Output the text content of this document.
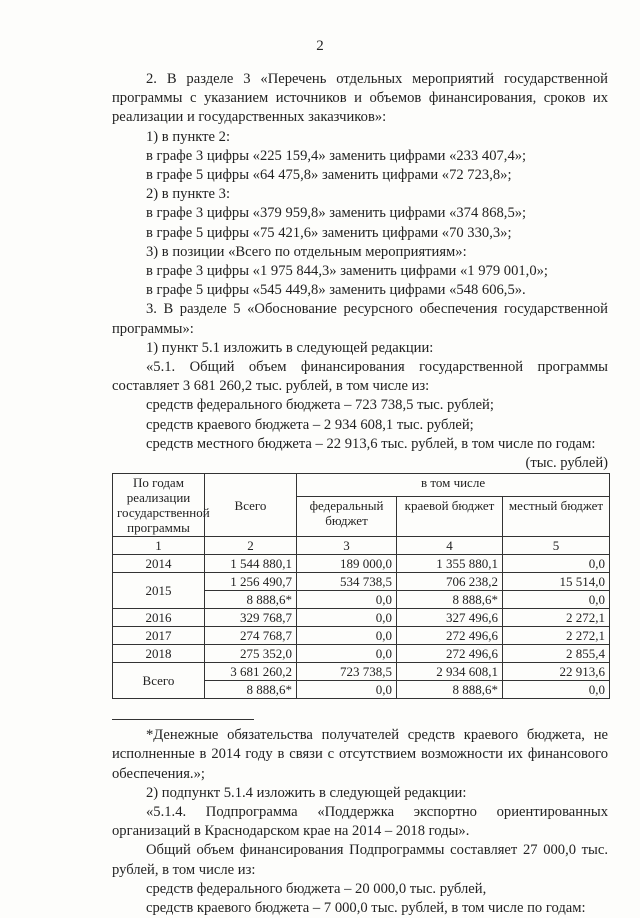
2

2. В разделе 3 «Перечень отдельных мероприятий государственной программы с указанием источников и объемов финансирования, сроков их реализации и государственных заказчиков»:

1) в пункте 2:

в графе 3 цифры «225 159,4» заменить цифрами «233 407,4»;

в графе 5 цифры «64 475,8» заменить цифрами «72 723,8»;

2) в пункте 3:

в графе 3 цифры «379 959,8» заменить цифрами «374 868,5»;

в графе 5 цифры «75 421,6» заменить цифрами «70 330,3»;

3) в позиции «Всего по отдельным мероприятиям»:

в графе 3 цифры «1 975 844,3» заменить цифрами «1 979 001,0»;

в графе 5 цифры «545 449,8» заменить цифрами «548 606,5».

3. В разделе 5 «Обоснование ресурсного обеспечения государственной программы»:

1) пункт 5.1 изложить в следующей редакции:

«5.1. Общий объем финансирования государственной программы составляет 3 681 260,2 тыс. рублей, в том числе из:

средств федерального бюджета – 723 738,5 тыс. рублей;

средств краевого бюджета – 2 934 608,1 тыс. рублей;

средств местного бюджета – 22 913,6 тыс. рублей, в том числе по годам:

(тыс. рублей)

По годам реализации государственной программы	Всего	в том числе		
		федеральный бюджет	краевой бюджет	местный бюджет
1	2	3	4	5
2014	1 544 880,1	189 000,0	1 355 880,1	0,0
2015	1 256 490,7	534 738,5	706 238,2	15 514,0
	8 888,6*	0,0	8 888,6*	0,0
2016	329 768,7	0,0	327 496,6	2 272,1
2017	274 768,7	0,0	272 496,6	2 272,1
2018	275 352,0	0,0	272 496,6	2 855,4
Всего	3 681 260,2	723 738,5	2 934 608,1	22 913,6
	8 888,6*	0,0	8 888,6*	0,0

*Денежные обязательства получателей средств краевого бюджета, не исполненные в 2014 году в связи с отсутствием возможности их финансового обеспечения.»;

2) подпункт 5.1.4 изложить в следующей редакции:

«5.1.4. Подпрограмма «Поддержка экспортно ориентированных организаций в Краснодарском крае на 2014 – 2018 годы».

Общий объем финансирования Подпрограммы составляет 27 000,0 тыс. рублей, в том числе из:

средств федерального бюджета – 20 000,0 тыс. рублей,

средств краевого бюджета – 7 000,0 тыс. рублей, в том числе по годам:
